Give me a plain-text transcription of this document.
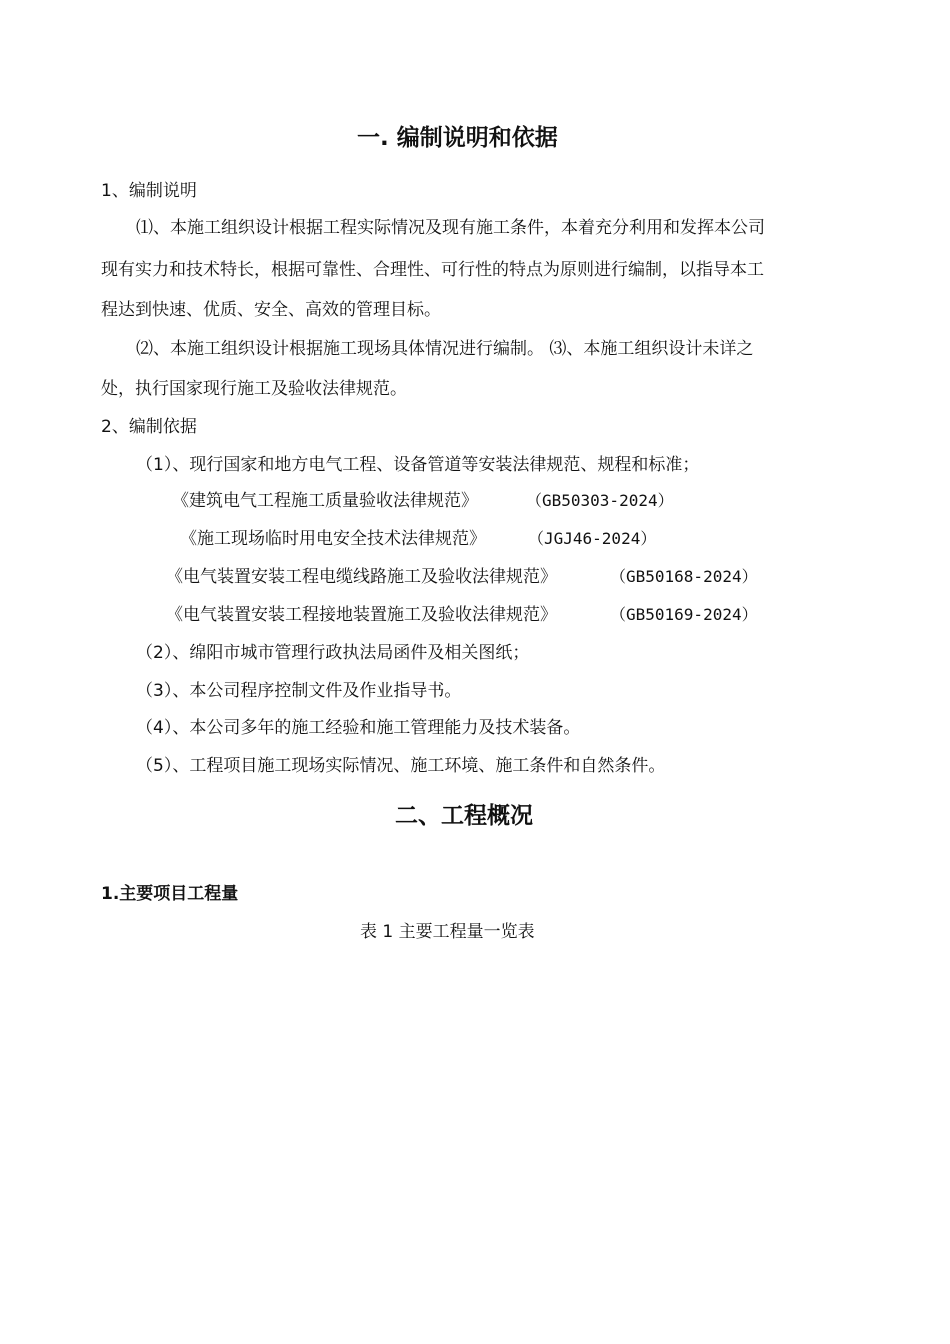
一. 编制说明和依据
1、编制说明
⑴、本施工组织设计根据工程实际情况及现有施工条件，本着充分利用和发挥本公司
现有实力和技术特长，根据可靠性、合理性、可行性的特点为原则进行编制，以指导本工
程达到快速、优质、安全、高效的管理目标。
⑵、本施工组织设计根据施工现场具体情况进行编制。 ⑶、本施工组织设计未详之
处，执行国家现行施工及验收法律规范。
2、编制依据
（1）、现行国家和地方电气工程、设备管道等安装法律规范、规程和标准；
《建筑电气工程施工质量验收法律规范》	（GB50303-2024）
《施工现场临时用电安全技术法律规范》	（JGJ46-2024）
《电气装置安装工程电缆线路施工及验收法律规范》	（GB50168-2024）
《电气装置安装工程接地装置施工及验收法律规范》	（GB50169-2024）
（2）、绵阳市城市管理行政执法局函件及相关图纸；
（3）、本公司程序控制文件及作业指导书。
（4）、本公司多年的施工经验和施工管理能力及技术装备。
（5）、工程项目施工现场实际情况、施工环境、施工条件和自然条件。
二、工程概况
1.主要项目工程量
表 1 主要工程量一览表
